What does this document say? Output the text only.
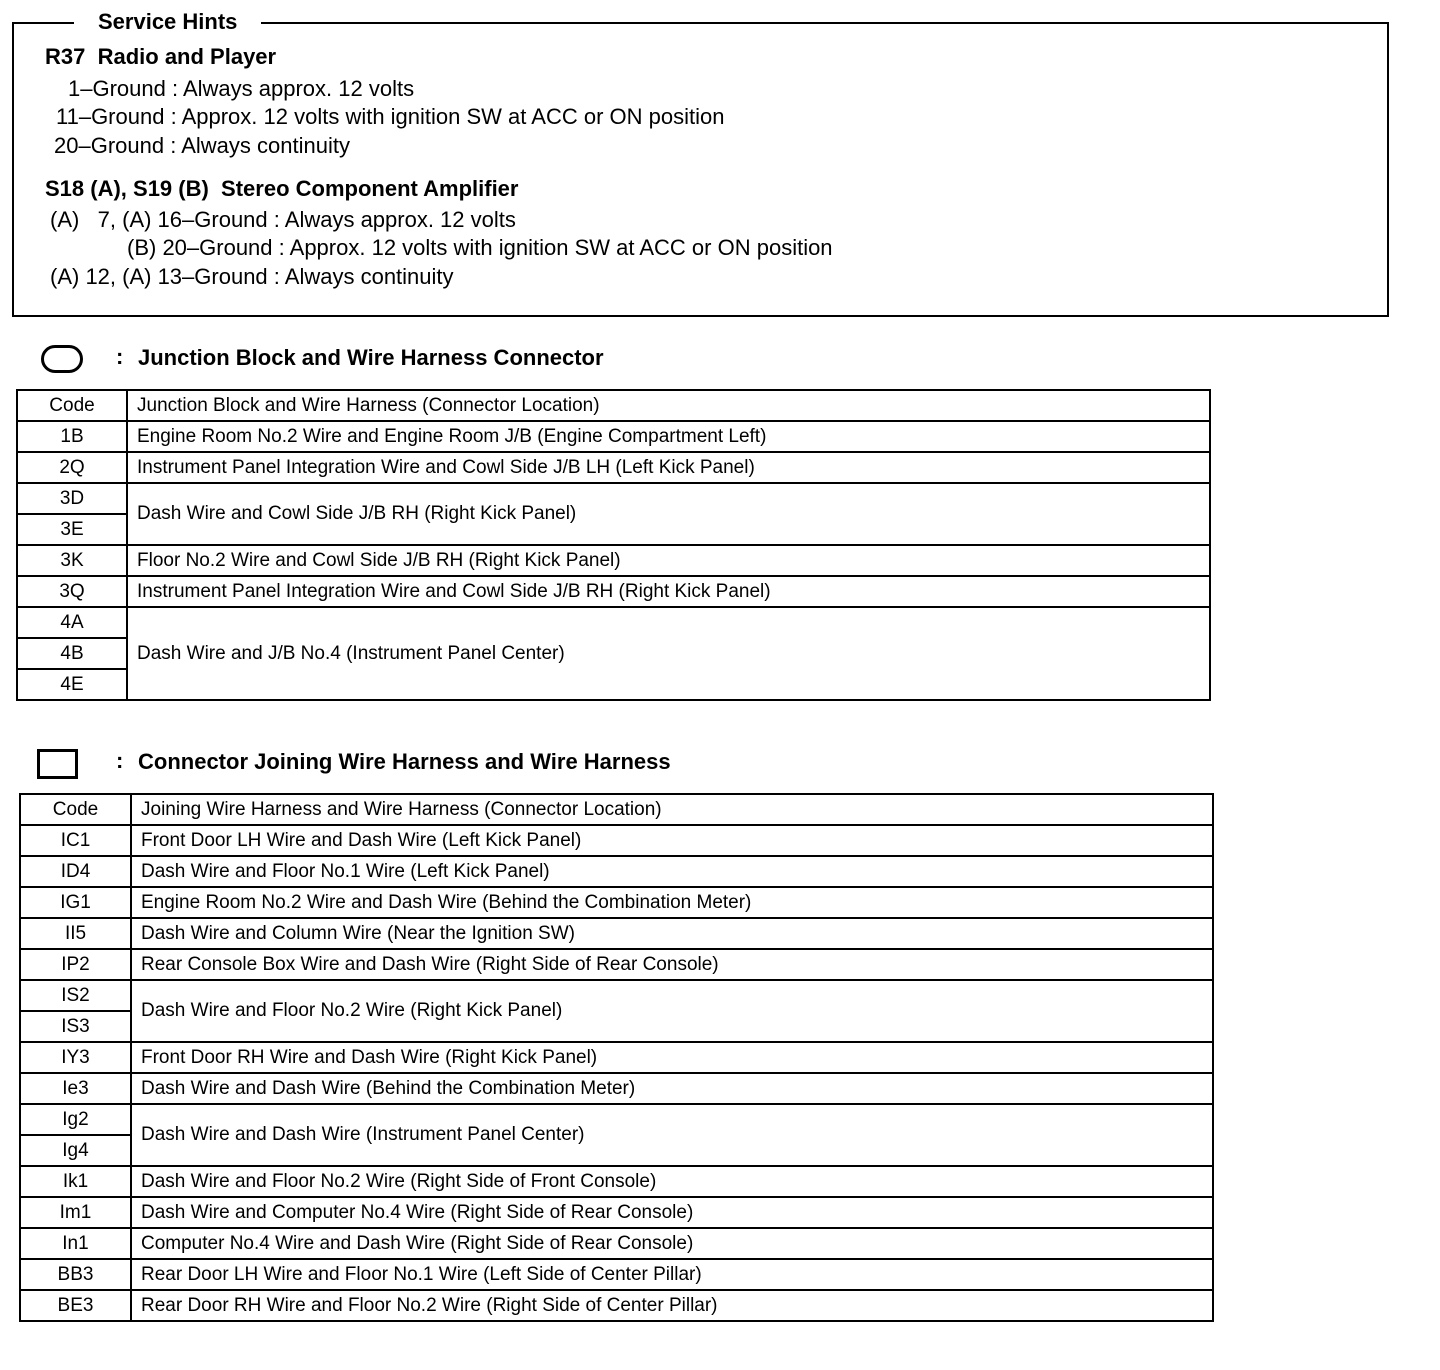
Service Hints
R37 Radio and Player
1–Ground : Always approx. 12 volts
11–Ground : Approx. 12 volts with ignition SW at ACC or ON position
20–Ground : Always continuity
S18 (A), S19 (B)  Stereo Component Amplifier
(A)   7, (A) 16–Ground : Always approx. 12 volts
(B) 20–Ground : Approx. 12 volts with ignition SW at ACC or ON position
(A) 12, (A) 13–Ground : Always continuity
: Junction Block and Wire Harness Connector
Code	Junction Block and Wire Harness (Connector Location)
1B	Engine Room No.2 Wire and Engine Room J/B (Engine Compartment Left)
2Q	Instrument Panel Integration Wire and Cowl Side J/B LH (Left Kick Panel)
3D	Dash Wire and Cowl Side J/B RH (Right Kick Panel)
3E	
3K	Floor No.2 Wire and Cowl Side J/B RH (Right Kick Panel)
3Q	Instrument Panel Integration Wire and Cowl Side J/B RH (Right Kick Panel)
4A	Dash Wire and J/B No.4 (Instrument Panel Center)
4B	
4E	
: Connector Joining Wire Harness and Wire Harness
Code	Joining Wire Harness and Wire Harness (Connector Location)
IC1	Front Door LH Wire and Dash Wire (Left Kick Panel)
ID4	Dash Wire and Floor No.1 Wire (Left Kick Panel)
IG1	Engine Room No.2 Wire and Dash Wire (Behind the Combination Meter)
II5	Dash Wire and Column Wire (Near the Ignition SW)
IP2	Rear Console Box Wire and Dash Wire (Right Side of Rear Console)
IS2	Dash Wire and Floor No.2 Wire (Right Kick Panel)
IS3	
IY3	Front Door RH Wire and Dash Wire (Right Kick Panel)
Ie3	Dash Wire and Dash Wire (Behind the Combination Meter)
Ig2	Dash Wire and Dash Wire (Instrument Panel Center)
Ig4	
Ik1	Dash Wire and Floor No.2 Wire (Right Side of Front Console)
Im1	Dash Wire and Computer No.4 Wire (Right Side of Rear Console)
In1	Computer No.4 Wire and Dash Wire (Right Side of Rear Console)
BB3	Rear Door LH Wire and Floor No.1 Wire (Left Side of Center Pillar)
BE3	Rear Door RH Wire and Floor No.2 Wire (Right Side of Center Pillar)
